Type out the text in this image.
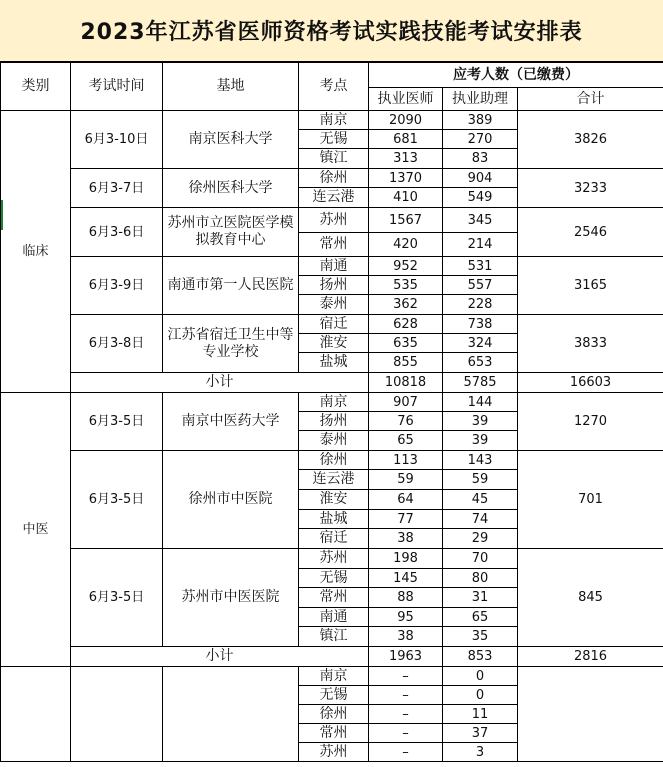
2023年江苏省医师资格考试实践技能考试安排表
类别	考试时间	基地	考点	应考人数（已缴费）		
				执业医师	执业助理	合计
临床	6月3-10日	南京医科大学	南京	2090	389	3826
			无锡	681	270	
			镇江	313	83	
	6月3-7日	徐州医科大学	徐州	1370	904	3233
			连云港	410	549	
	6月3-6日	苏州市立医院医学模拟教育中心	苏州	1567	345	2546
			常州	420	214	
	6月3-9日	南通市第一人民医院	南通	952	531	3165
			扬州	535	557	
			泰州	362	228	
	6月3-8日	江苏省宿迁卫生中等专业学校	宿迁	628	738	3833
			淮安	635	324	
			盐城	855	653	
	小计			10818	5785	16603
中医	6月3-5日	南京中医药大学	南京	907	144	1270
			扬州	76	39	
			泰州	65	39	
	6月3-5日	徐州市中医院	徐州	113	143	701
			连云港	59	59	
			淮安	64	45	
			盐城	77	74	
			宿迁	38	29	
	6月3-5日	苏州市中医医院	苏州	198	70	845
			无锡	145	80	
			常州	88	31	
			南通	95	65	
			镇江	38	35	
	小计			1963	853	2816
			南京	–	0	
			无锡	–	0	
			徐州	–	11	
			常州	–	37	
			苏州	–	3	
